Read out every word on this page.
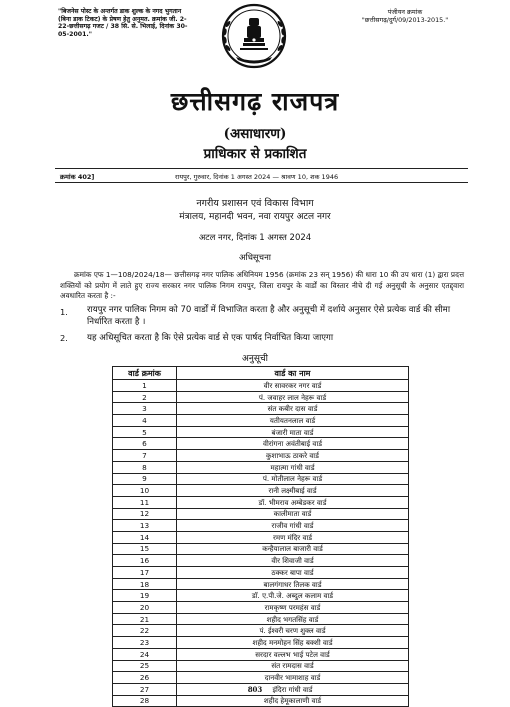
"बिजनेस पोस्ट के अन्तर्गत डाक शुल्क के नगद भुगतान (बिना डाक टिकट) के प्रेषण हेतु अनुमत. क्रमांक जी. 2-22-छत्तीसगढ़ गजट / 38 सि. से. भिलाई, दिनांक 30-05-2001."
पंजीयन क्रमांक
"छत्तीसगढ़/दुर्ग/09/2013-2015."
छत्तीसगढ़ राजपत्र
(असाधारण)
प्राधिकार से प्रकाशित
क्रमांक 402]	रायपुर, गुरुवार, दिनांक 1 अगस्त 2024 — श्रावण 10, शक 1946
नगरीय प्रशासन एवं विकास विभाग
मंत्रालय, महानदी भवन, नवा रायपुर अटल नगर
अटल नगर, दिनांक 1 अगस्त 2024
अधिसूचना
क्रमांक एफ 1—108/2024/18— छत्तीसगढ़ नगर पालिक अधिनियम 1956 (क्रमांक 23 सन् 1956) की धारा 10 की उप धारा (1) द्वारा प्रदत्त शक्तियों को प्रयोग में लाते हुए राज्य सरकार नगर पालिक निगम रायपुर, जिला रायपुर के वार्डों का विस्तार नीचे दी गई अनुसूची के अनुसार एतद्द्वारा अवधारित करता है :-
1. रायपुर नगर पालिक निगम को 70 वार्डों में विभाजित करता है और अनुसूची में दर्शाये अनुसार ऐसे प्रत्येक वार्ड की सीमा निर्धारित करता है ।
2. यह अधिसूचित करता है कि ऐसे प्रत्येक वार्ड से एक पार्षद निर्वाचित किया जाएगा
अनुसूची
वार्ड क्रमांक	वार्ड का नाम
1	वीर सावरकर नगर वार्ड
2	पं. जवाहर लाल नेहरू वार्ड
3	संत कबीर दास वार्ड
4	यतीयतनलाल वार्ड
5	बंजारी माता वार्ड
6	वीरांगना अवंतीबाई वार्ड
7	कुशाभाऊ ठाकरे वार्ड
8	महात्मा गांधी वार्ड
9	पं. मोतीलाल नेहरू वार्ड
10	रानी लक्ष्मीबाई वार्ड
11	डॉ. भीमराव अम्बेडकर वार्ड
12	कालीमाता वार्ड
13	राजीव गांधी वार्ड
14	रमण मंदिर वार्ड
15	कन्हैयालाल बाजारी वार्ड
16	वीर शिवाजी वार्ड
17	ठक्कर बापा वार्ड
18	बालगंगाधर तिलक वार्ड
19	डॉ. ए.पी.जे. अब्दुल कलाम वार्ड
20	रामकृष्ण परमहंस वार्ड
21	शहीद भगतसिंह वार्ड
22	पं. ईश्वरी चरण शुक्ल वार्ड
23	शहीद मनमोहन सिंह बक्शी वार्ड
24	सरदार वल्लभ भाई पटेल वार्ड
25	संत रामदास वार्ड
26	दानवीर भामाशाह वार्ड
27	इंदिरा गांधी वार्ड
28	शहीद हेमूकालाणी वार्ड
803
